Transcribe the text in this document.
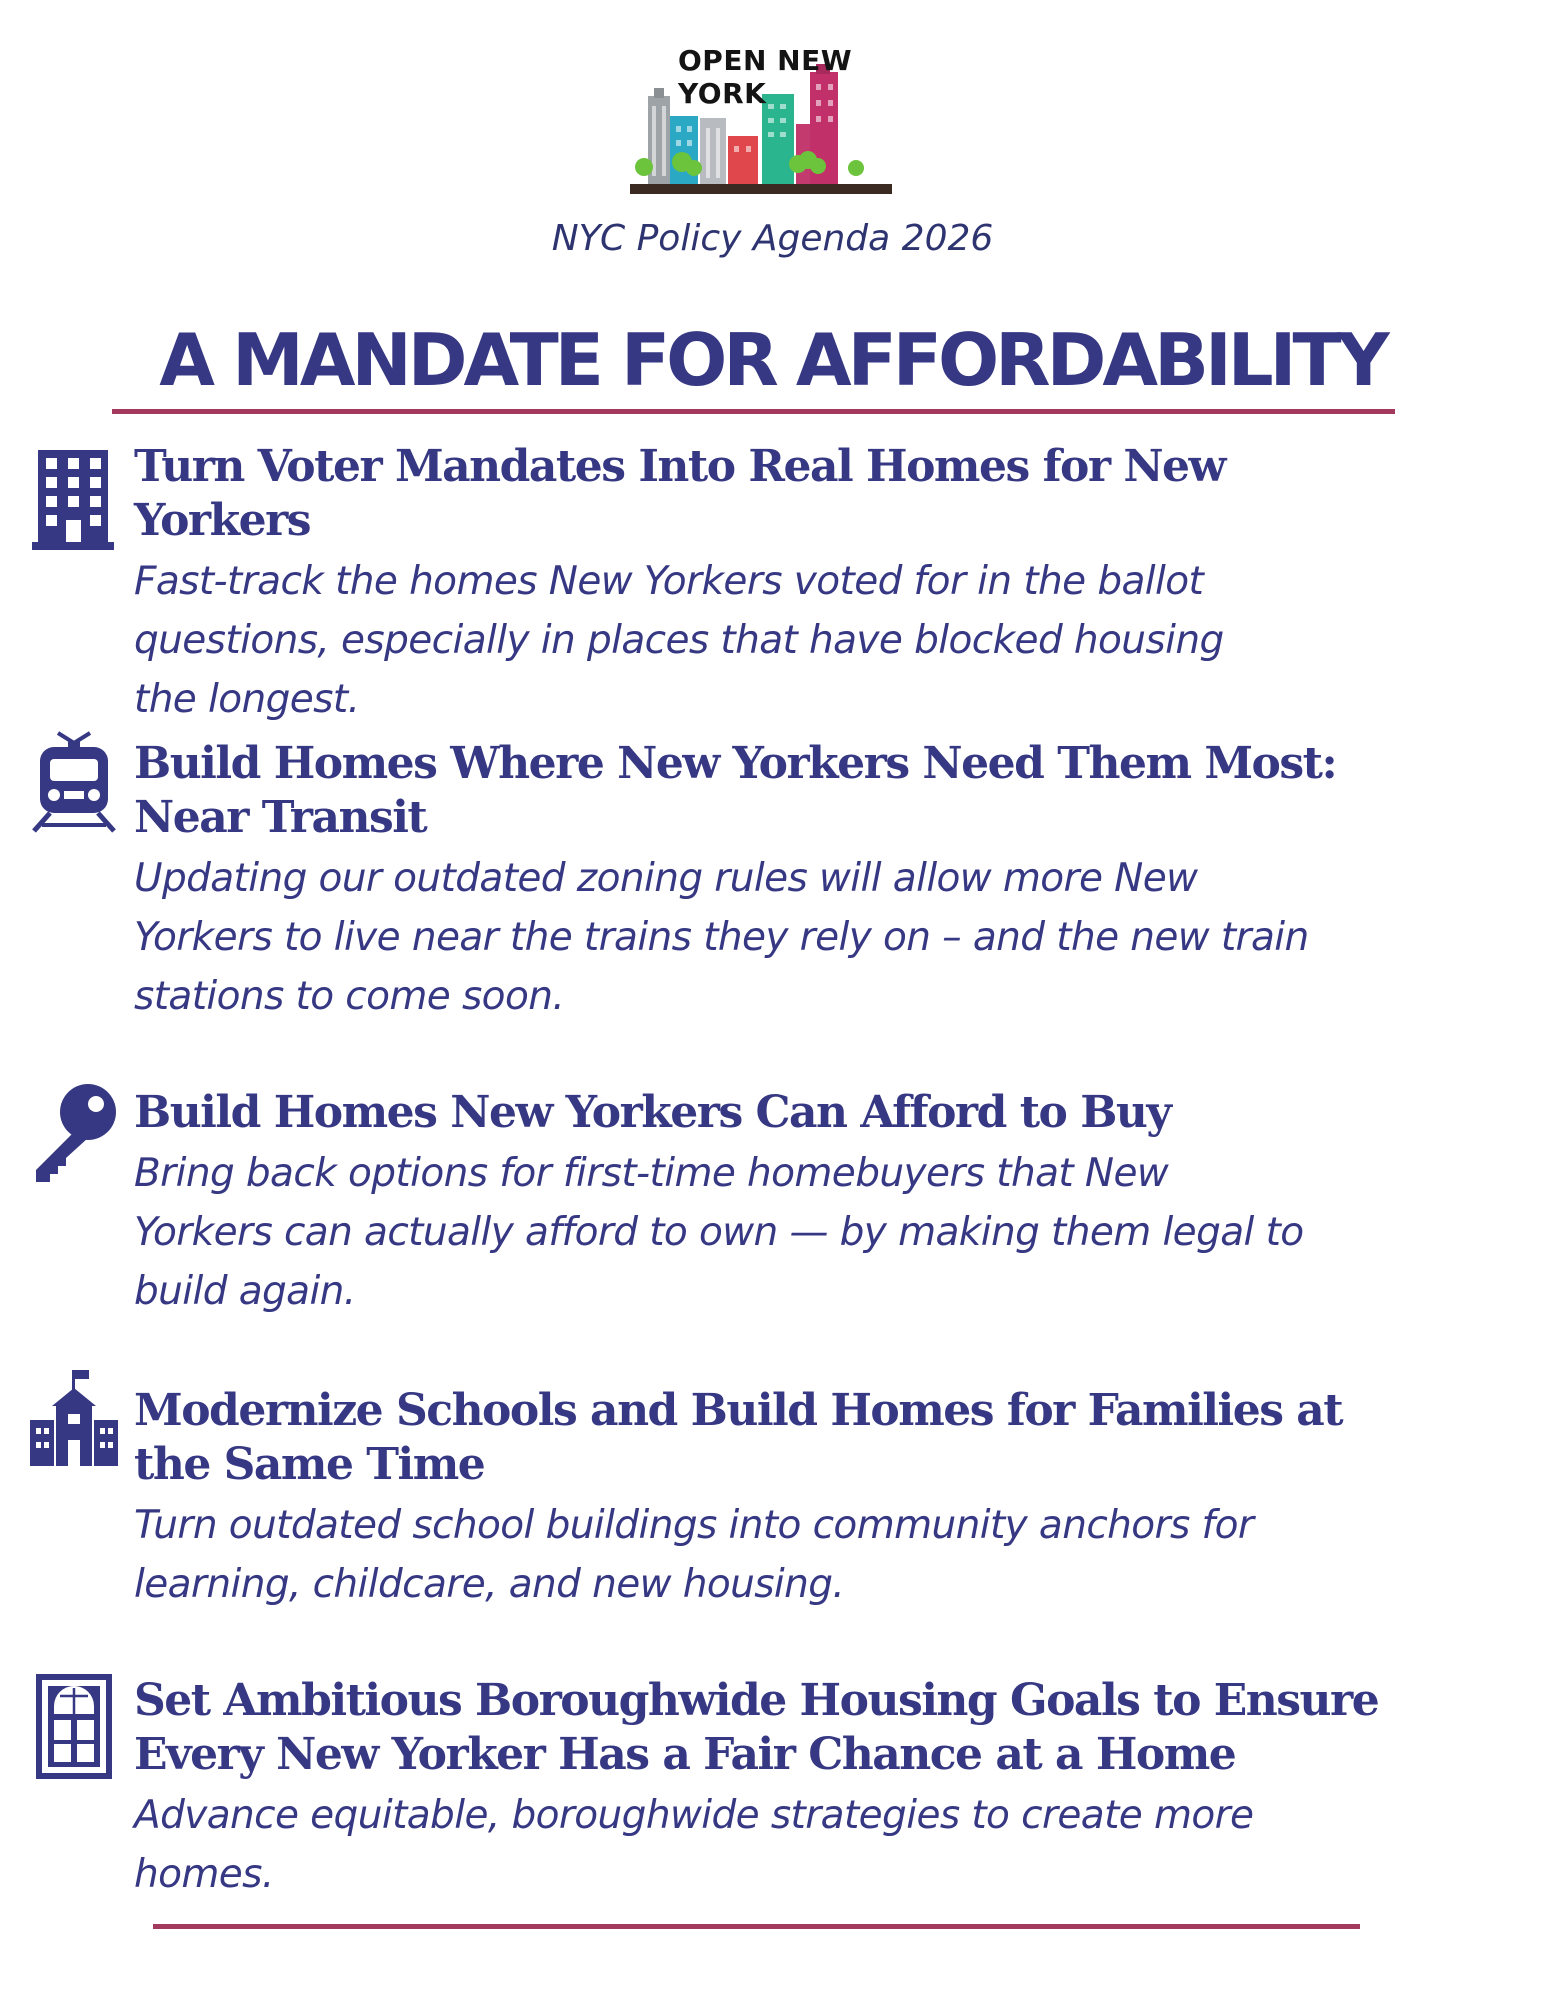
OPEN NEW
YORK
NYC Policy Agenda 2026
A MANDATE FOR AFFORDABILITY
Turn Voter Mandates Into Real Homes for New Yorkers

Fast-track the homes New Yorkers voted for in the ballot
questions, especially in places that have blocked housing
the longest.

Build Homes Where New Yorkers Need Them Most:
Near Transit

Updating our outdated zoning rules will allow more New
Yorkers to live near the trains they rely on – and the new train
stations to come soon.

Build Homes New Yorkers Can Afford to Buy

Bring back options for first-time homebuyers that New
Yorkers can actually afford to own — by making them legal to
build again.

Modernize Schools and Build Homes for Families at
the Same Time

Turn outdated school buildings into community anchors for
learning, childcare, and new housing.

Set Ambitious Boroughwide Housing Goals to Ensure
Every New Yorker Has a Fair Chance at a Home

Advance equitable, boroughwide strategies to create more
homes.
